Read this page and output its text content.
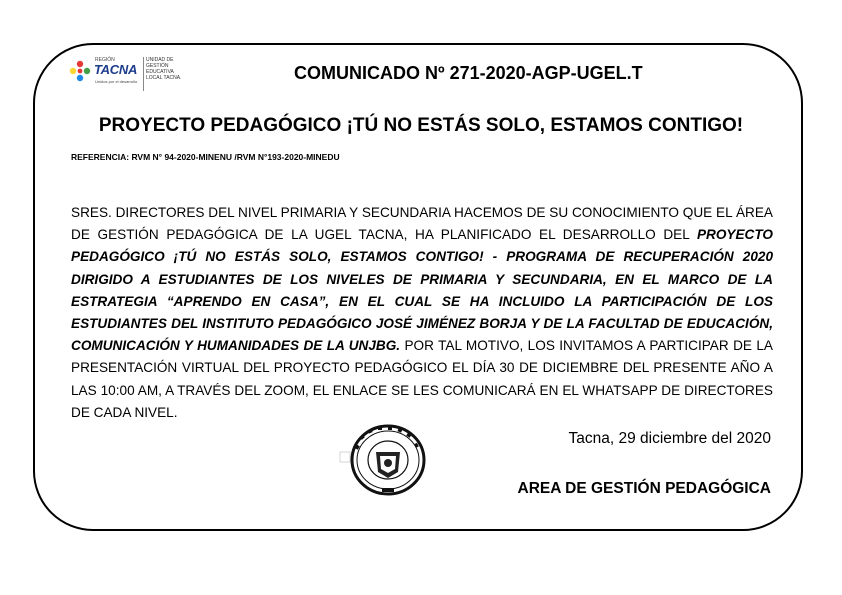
REGIÓN
TACNA
Unidos por el desarrollo
UNIDAD DE
GESTIÓN
EDUCATIVA
LOCAL TACNA.	COMUNICADO Nº 271-2020-AGP-UGEL.T
PROYECTO PEDAGÓGICO ¡TÚ NO ESTÁS SOLO, ESTAMOS CONTIGO!
REFERENCIA: RVM N° 94-2020-MINENU /RVM N°193-2020-MINEDU
SRES. DIRECTORES DEL NIVEL PRIMARIA Y SECUNDARIA HACEMOS DE SU CONOCIMIENTO QUE EL ÁREA DE GESTIÓN PEDAGÓGICA DE LA UGEL TACNA, HA PLANIFICADO EL DESARROLLO DEL PROYECTO PEDAGÓGICO ¡TÚ NO ESTÁS SOLO, ESTAMOS CONTIGO! - PROGRAMA DE RECUPERACIÓN 2020 DIRIGIDO A ESTUDIANTES DE LOS NIVELES DE PRIMARIA Y SECUNDARIA, EN EL MARCO DE LA ESTRATEGIA “APRENDO EN CASA”, EN EL CUAL SE HA INCLUIDO LA PARTICIPACIÓN DE LOS ESTUDIANTES DEL INSTITUTO PEDAGÓGICO JOSÉ JIMÉNEZ BORJA Y DE LA FACULTAD DE EDUCACIÓN, COMUNICACIÓN Y HUMANIDADES DE LA UNJBG. POR TAL MOTIVO, LOS INVITAMOS A PARTICIPAR DE LA PRESENTACIÓN VIRTUAL DEL PROYECTO PEDAGÓGICO EL DÍA 30 DE DICIEMBRE DEL PRESENTE AÑO A LAS 10:00 AM, A TRAVÉS DEL ZOOM, EL ENLACE SE LES COMUNICARÁ EN EL WHATSAPP DE DIRECTORES DE CADA NIVEL.
Tacna, 29 diciembre del 2020
AREA DE GESTIÓN PEDAGÓGICA
